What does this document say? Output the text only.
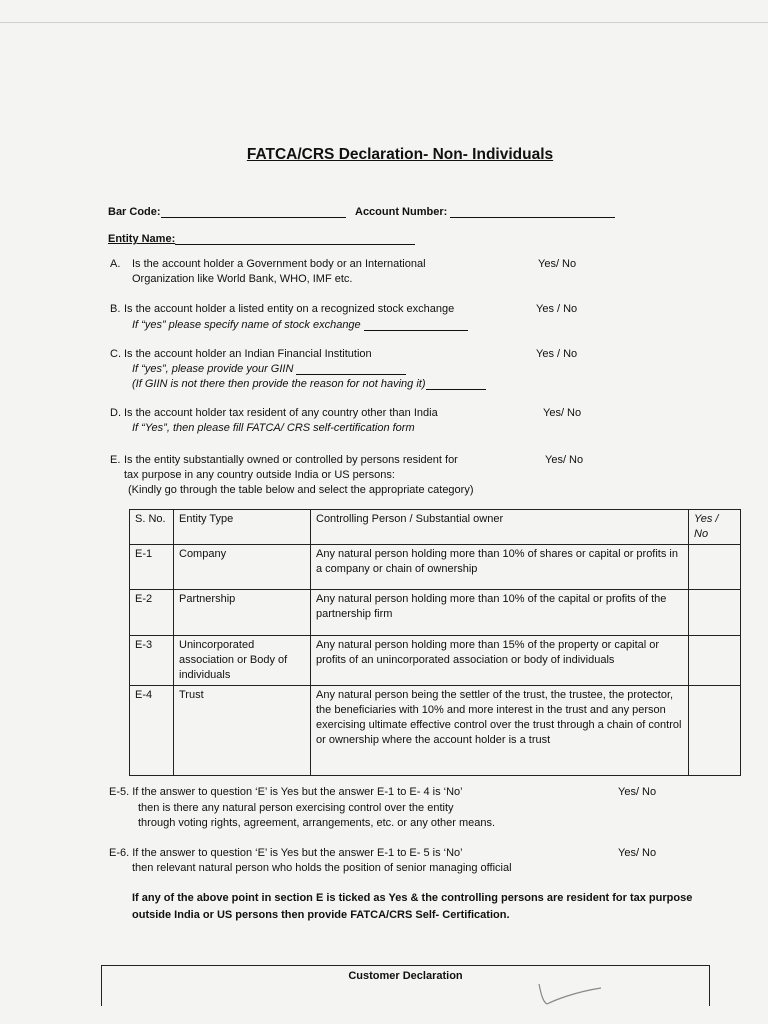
FATCA/CRS Declaration- Non- Individuals
Bar Code:	Account Number:
Entity Name:
A. Is the account holder a Government body or an International
Organization like World Bank, WHO, IMF etc.
Yes/ No
B. Is the account holder a listed entity on a recognized stock exchange
If “yes” please specify name of stock exchange
Yes / No
C. Is the account holder an Indian Financial Institution
If “yes”, please provide your GIIN
(If GIIN is not there then provide the reason for not having it)
Yes / No
D. Is the account holder tax resident of any country other than India
If “Yes”, then please fill FATCA/ CRS self-certification form
Yes/ No
E. Is the entity substantially owned or controlled by persons resident for
tax purpose in any country outside India or US persons:
(Kindly go through the table below and select the appropriate category)
Yes/ No
S. No.	Entity Type	Controlling Person / Substantial owner	Yes / No
E-1	Company	Any natural person holding more than 10% of shares or capital or profits in a company or chain of ownership	
E-2	Partnership	Any natural person holding more than 10% of the capital or profits of the partnership firm	
E-3	Unincorporated association or Body of individuals	Any natural person holding more than 15% of the property or capital or profits of an unincorporated association or body of individuals	
E-4	Trust	Any natural person being the settler of the trust, the trustee, the protector, the beneficiaries with 10% and more interest in the trust and any person exercising ultimate effective control over the trust through a chain of control or ownership where the account holder is a trust	
E-5. If the answer to question ‘E’ is Yes but the answer E-1 to E- 4 is ‘No’
then is there any natural person exercising control over the entity
through voting rights, agreement, arrangements, etc. or any other means.
Yes/ No
E-6. If the answer to question ‘E’ is Yes but the answer E-1 to E- 5 is ‘No’
then relevant natural person who holds the position of senior managing official
Yes/ No
If any of the above point in section E is ticked as Yes & the controlling persons are resident for tax purpose outside India or US persons then provide FATCA/CRS Self- Certification.
Customer Declaration
